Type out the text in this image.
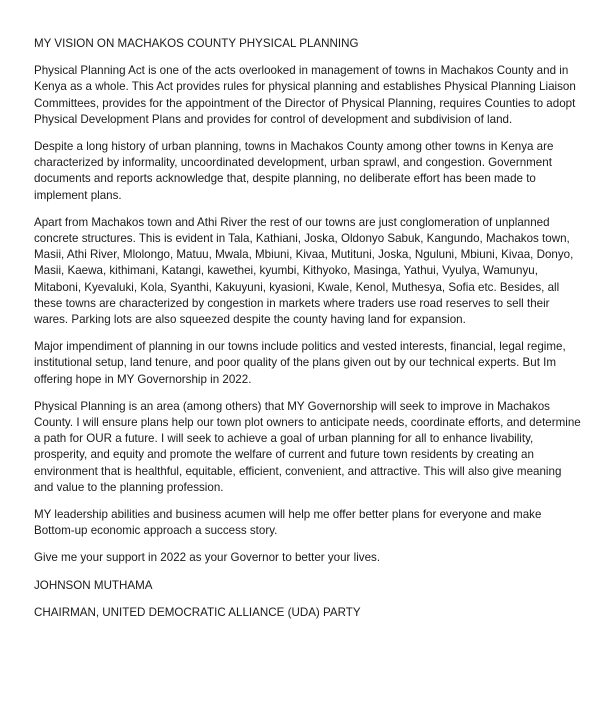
MY VISION ON MACHAKOS COUNTY PHYSICAL PLANNING

Physical Planning Act is one of the acts overlooked in management of towns in Machakos County and in Kenya as a whole. This Act provides rules for physical planning and establishes Physical Planning Liaison Committees, provides for the appointment of the Director of Physical Planning, requires Counties to adopt Physical Development Plans and provides for control of development and subdivision of land.

Despite a long history of urban planning, towns in Machakos County among other towns in Kenya are characterized by informality, uncoordinated development, urban sprawl, and congestion. Government documents and reports acknowledge that, despite planning, no deliberate effort has been made to implement plans.

Apart from Machakos town and Athi River the rest of our towns are just conglomeration of unplanned concrete structures. This is evident in Tala, Kathiani, Joska, Oldonyo Sabuk, Kangundo, Machakos town, Masii, Athi River, Mlolongo, Matuu, Mwala, Mbiuni, Kivaa, Mutituni, Joska, Nguluni, Mbiuni, Kivaa, Donyo, Masii, Kaewa, kithimani, Katangi, kawethei, kyumbi, Kithyoko, Masinga, Yathui, Vyulya, Wamunyu, Mitaboni, Kyevaluki, Kola, Syanthi, Kakuyuni, kyasioni, Kwale, Kenol, Muthesya, Sofia etc. Besides, all these towns are characterized by congestion in markets where traders use road reserves to sell their wares. Parking lots are also squeezed despite the county having land for expansion.

Major impendiment of planning in our towns include politics and vested interests, financial, legal regime, institutional setup, land tenure, and poor quality of the plans given out by our technical experts. But Im offering hope in MY Governorship in 2022.

Physical Planning is an area (among others) that MY Governorship will seek to improve in Machakos County. I will ensure plans help our town plot owners to anticipate needs, coordinate efforts, and determine a path for OUR a future. I will seek to achieve a goal of urban planning for all to enhance livability, prosperity, and equity and promote the welfare of current and future town residents by creating an environment that is healthful, equitable, efficient, convenient, and attractive. This will also give meaning and value to the planning profession.

MY leadership abilities and business acumen will help me offer better plans for everyone and make Bottom-up economic approach a success story.

Give me your support in 2022 as your Governor to better your lives.

JOHNSON MUTHAMA

CHAIRMAN, UNITED DEMOCRATIC ALLIANCE (UDA) PARTY
